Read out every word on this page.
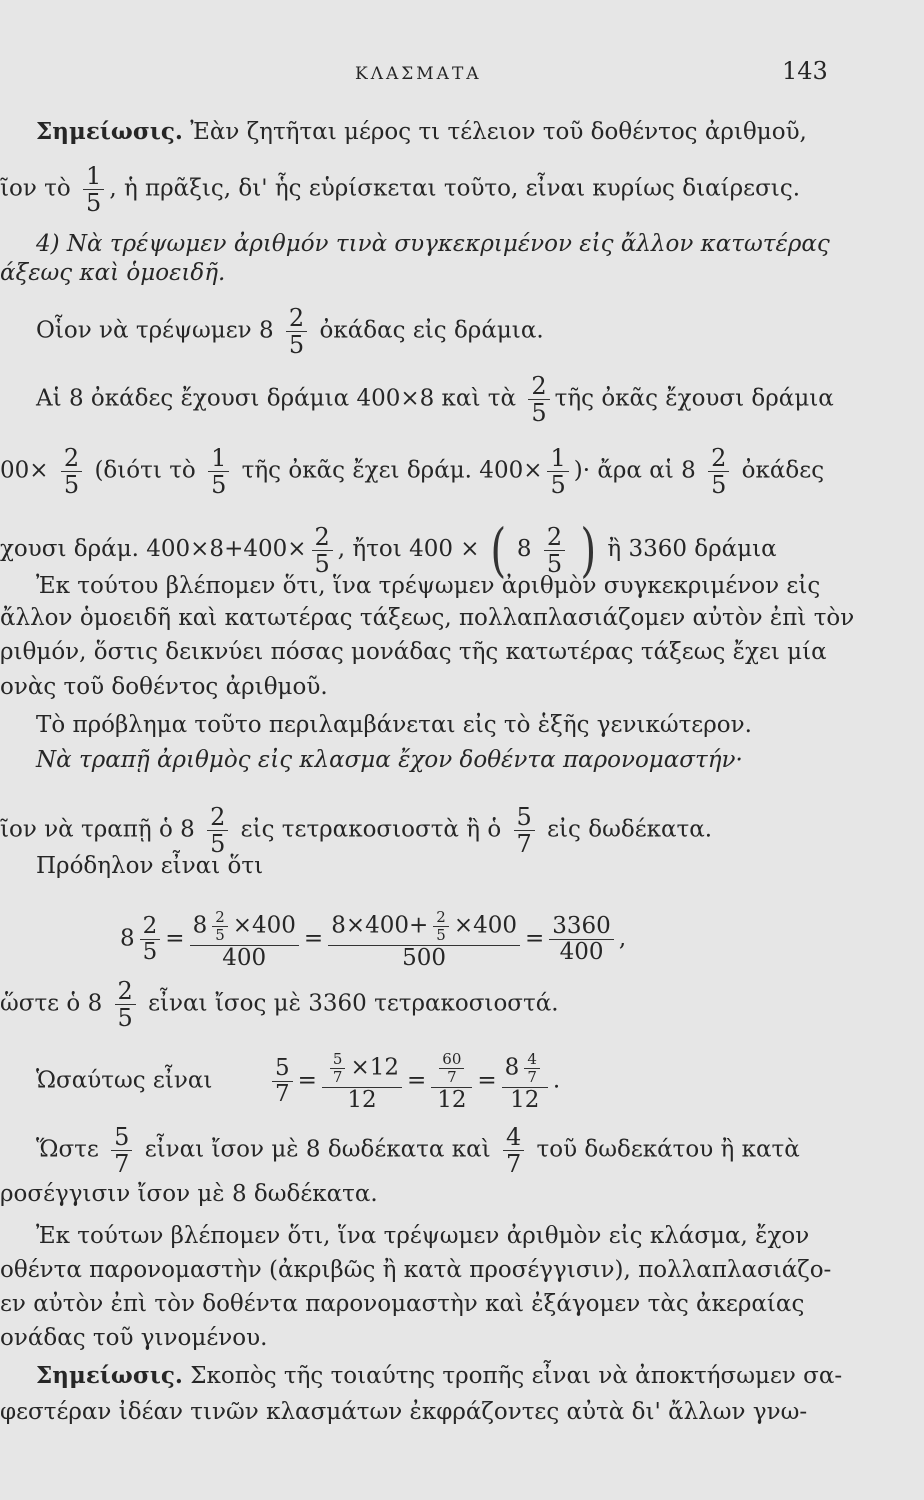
ΚΛΑΣΜΑΤΑ	143
Σημείωσις. Ἐὰν ζητῆται μέρος τι τέλειον τοῦ δοθέντος ἀριθμοῦ,
ῖον τὸ $\frac{1}{5}$ , ἡ πρᾶξις, δι' ἧς εὑρίσκεται τοῦτο, εἶναι κυρίως διαίρεσις.
4) Νὰ τρέψωμεν ἀριθμόν τινὰ συγκεκριμένον εἰς ἄλλον κατωτέρας
άξεως καὶ ὁμοειδῆ.
Οἷον νὰ τρέψωμεν $8 \frac{2}{5}$ ὀκάδας εἰς δράμια.
Αἱ 8 ὀκάδες ἔχουσι δράμια 400×8 καὶ τὰ $\frac{2}{5}$ τῆς ὀκᾶς ἔχουσι δράμια
$00\times \frac{2}{5} (\delta\iota ό\tau\iota$ τὸ $\frac{1}{5}$ τῆς ὀκᾶς ἔχει δράμ. $400\times \frac{1}{5}$ )· ἄρα αἱ $8 \frac{2}{5}$ ὀκάδες
χουσι δράμ. $400\times 8+400\times \frac{2}{5}$ , ἤτοι 400 × ( $8 \frac{2}{5}$ ) ἢ 3360 δράμια
Ἐκ τούτου βλέπομεν ὅτι, ἵνα τρέψωμεν ἀριθμὸν συγκεκριμένον εἰς
ἄλλον ὁμοειδῆ καὶ κατωτέρας τάξεως, πολλαπλασιάζομεν αὐτὸν ἐπὶ τὸν
ριθμόν, ὅστις δεικνύει πόσας μονάδας τῆς κατωτέρας τάξεως ἔχει μία
ονὰς τοῦ δοθέντος ἀριθμοῦ.
Τὸ πρόβλημα τοῦτο περιλαμβάνεται εἰς τὸ ἑξῆς γενικώτερον.
Νὰ τραπῇ ἀριθμὸς εἰς κλασμα ἔχον δοθέντα παρονομαστήν·
ῖον νὰ τραπῇ ὁ $8 \frac{2}{5}$ εἰς τετρακοσιοστὰ ἢ ὁ $\frac{5}{7}$ εἰς δωδέκατα.
Πρόδηλον εἶναι ὅτι
$8 \frac{2}{5} = \frac{8 \frac{2}{5} \times 400}{400} = \frac{8\times 400+ \frac{2}{5} \times 400}{500} = \frac{3360}{400}$ ,
ὥστε ὁ $8 \frac{2}{5}$ εἶναι ἴσος μὲ 3360 τετρακοσιοστά.
Ὡσαύτως εἶναι	$\frac{5}{7} = \frac{\frac{5}{7} \times 12}{12} = \frac{\frac{60}{7}}{12} = \frac{8 \frac{4}{7}}{12}$ .
Ὥστε $\frac{5}{7}$ εἶναι ἴσον μὲ 8 δωδέκατα καὶ $\frac{4}{7}$ τοῦ δωδεκάτου ἢ κατὰ
ροσέγγισιν ἴσον μὲ 8 δωδέκατα.
Ἐκ τούτων βλέπομεν ὅτι, ἵνα τρέψωμεν ἀριθμὸν εἰς κλάσμα, ἔχον
οθέντα παρονομαστὴν (ἀκριβῶς ἢ κατὰ προσέγγισιν), πολλαπλασιάζο-
εν αὐτὸν ἐπὶ τὸν δοθέντα παρονομαστὴν καὶ ἐξάγομεν τὰς ἀκεραίας
ονάδας τοῦ γινομένου.
Σημείωσις. Σκοπὸς τῆς τοιαύτης τροπῆς εἶναι νὰ ἀποκτήσωμεν σα-
φεστέραν ἰδέαν τινῶν κλασμάτων ἐκφράζοντες αὐτὰ δι' ἄλλων γνω-
